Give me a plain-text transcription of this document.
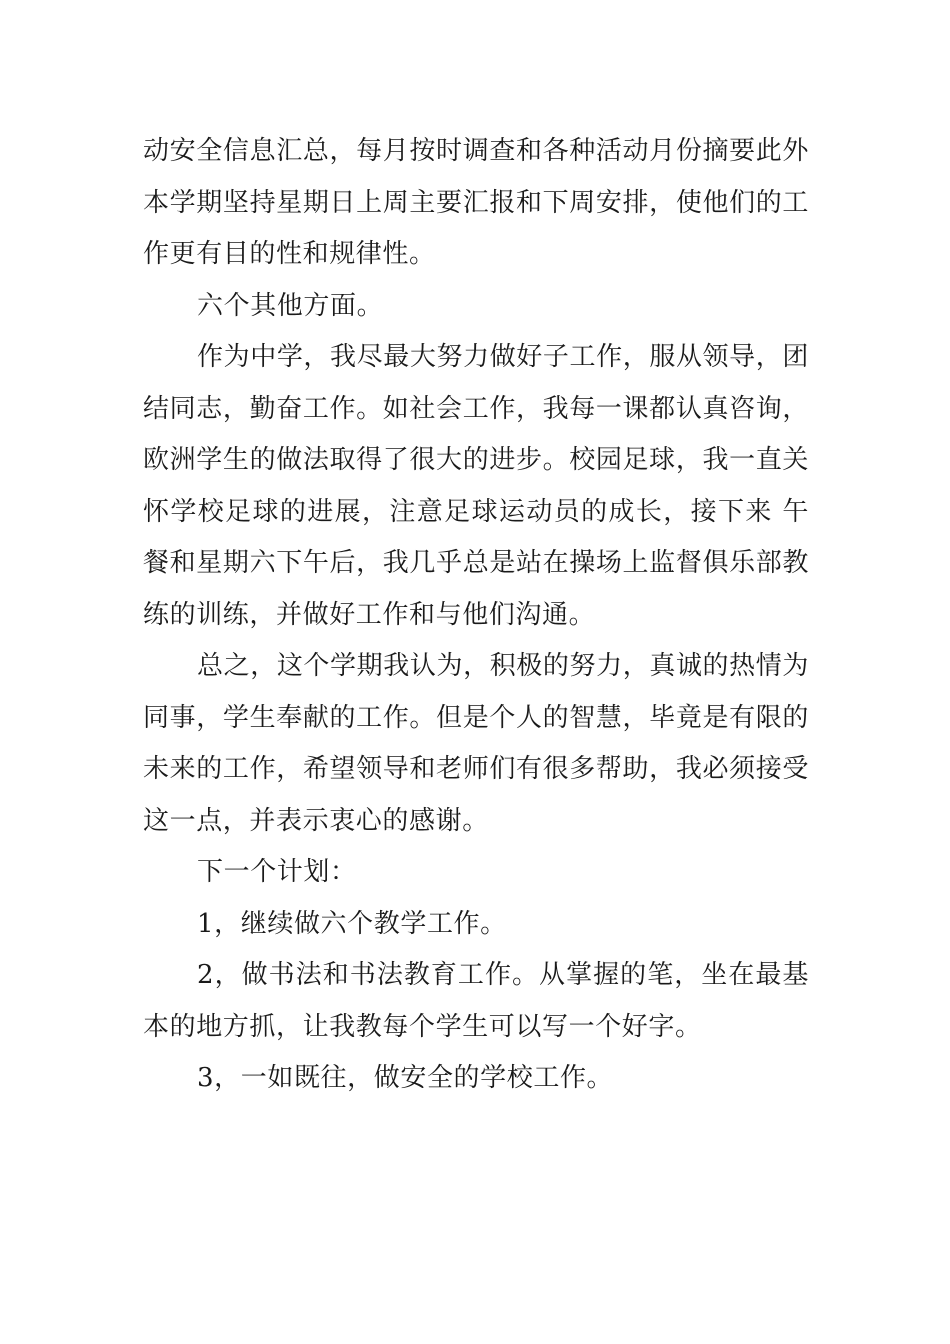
动安全信息汇总，每月按时调查和各种活动月份摘要此外本学期坚持星期日上周主要汇报和下周安排，使他们的工作更有目的性和规律性。

六个其他方面。

作为中学，我尽最大努力做好子工作，服从领导，团结同志，勤奋工作。如社会工作，我每一课都认真咨询，欧洲学生的做法取得了很大的进步。校园足球，我一直关怀学校足球的进展，注意足球运动员的成长，接下来 午餐和星期六下午后，我几乎总是站在操场上监督俱乐部教练的训练，并做好工作和与他们沟通。

总之，这个学期我认为，积极的努力，真诚的热情为同事，学生奉献的工作。但是个人的智慧，毕竟是有限的未来的工作，希望领导和老师们有很多帮助，我必须接受这一点，并表示衷心的感谢。

下一个计划：

1，继续做六个教学工作。

2，做书法和书法教育工作。从掌握的笔，坐在最基本的地方抓，让我教每个学生可以写一个好字。

3，一如既往，做安全的学校工作。
